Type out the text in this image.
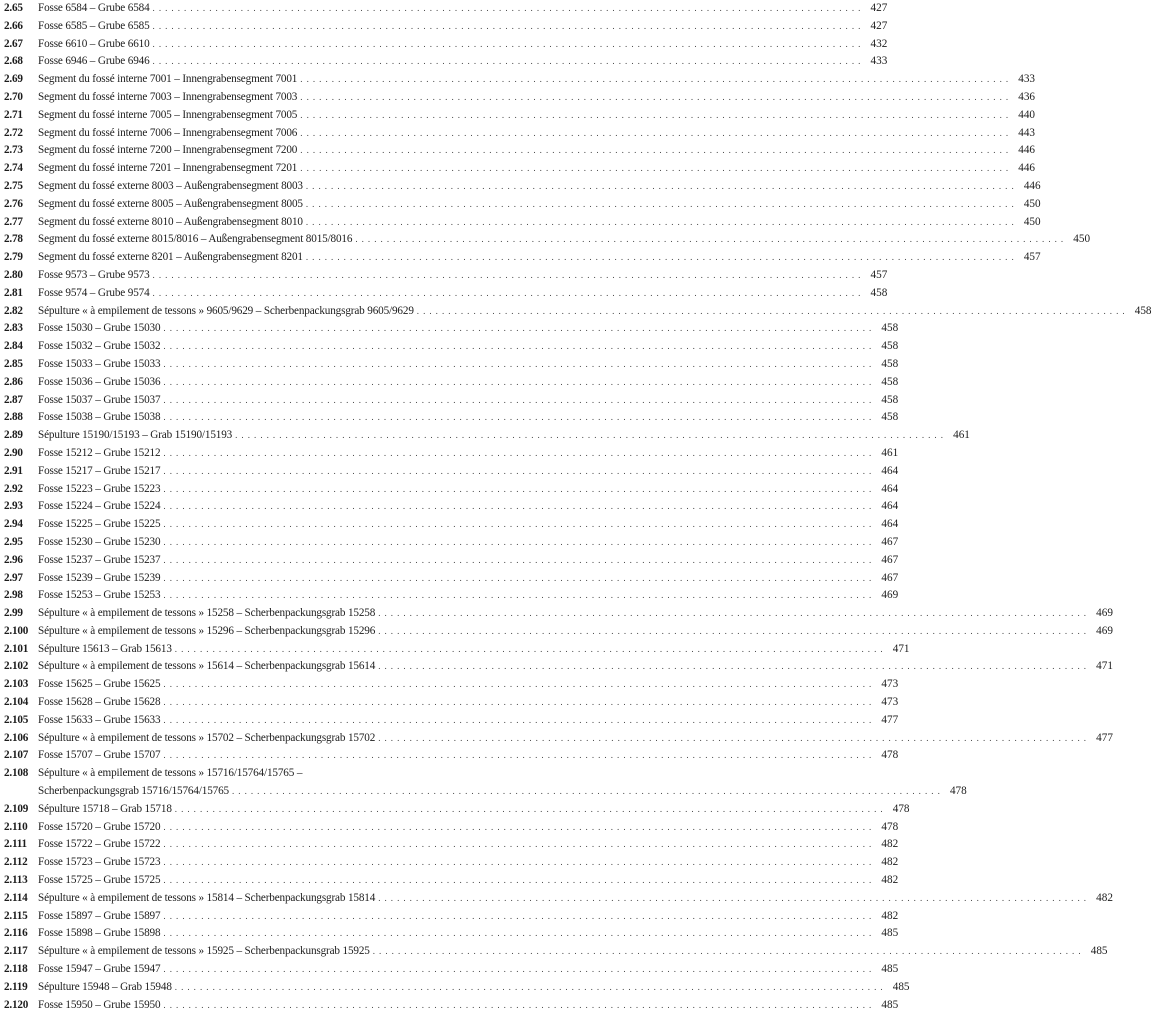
2.65	Fosse 6584 – Grube 6584 . . .	427
2.66	Fosse 6585 – Grube 6585 . . .	427
2.67	Fosse 6610 – Grube 6610 . . .	432
2.68	Fosse 6946 – Grube 6946 . . .	433
2.69	Segment du fossé interne 7001 – Innengrabensegment 7001 . . .	433
2.70	Segment du fossé interne 7003 – Innengrabensegment 7003 . . .	436
2.71	Segment du fossé interne 7005 – Innengrabensegment 7005 . . .	440
2.72	Segment du fossé interne 7006 – Innengrabensegment 7006 . . .	443
2.73	Segment du fossé interne 7200 – Innengrabensegment 7200 . . .	446
2.74	Segment du fossé interne 7201 – Innengrabensegment 7201 . . .	446
2.75	Segment du fossé externe 8003 – Außengrabensegment 8003 . . .	446
2.76	Segment du fossé externe 8005 – Außengrabensegment 8005 . . .	450
2.77	Segment du fossé externe 8010 – Außengrabensegment 8010 . . .	450
2.78	Segment du fossé externe 8015/8016 – Außengrabensegment 8015/8016 . . .	450
2.79	Segment du fossé externe 8201 – Außengrabensegment 8201 . . .	457
2.80	Fosse 9573 – Grube 9573 . . .	457
2.81	Fosse 9574 – Grube 9574 . . .	458
2.82	Sépulture « à empilement de tessons » 9605/9629 – Scherbenpackungsgrab 9605/9629 . . .	458
2.83	Fosse 15030 – Grube 15030 . . .	458
2.84	Fosse 15032 – Grube 15032 . . .	458
2.85	Fosse 15033 – Grube 15033 . . .	458
2.86	Fosse 15036 – Grube 15036 . . .	458
2.87	Fosse 15037 – Grube 15037 . . .	458
2.88	Fosse 15038 – Grube 15038 . . .	458
2.89	Sépulture 15190/15193 – Grab 15190/15193 . . .	461
2.90	Fosse 15212 – Grube 15212 . . .	461
2.91	Fosse 15217 – Grube 15217 . . .	464
2.92	Fosse 15223 – Grube 15223 . . .	464
2.93	Fosse 15224 – Grube 15224 . . .	464
2.94	Fosse 15225 – Grube 15225 . . .	464
2.95	Fosse 15230 – Grube 15230 . . .	467
2.96	Fosse 15237 – Grube 15237 . . .	467
2.97	Fosse 15239 – Grube 15239 . . .	467
2.98	Fosse 15253 – Grube 15253 . . .	469
2.99	Sépulture « à empilement de tessons » 15258 – Scherbenpackungsgrab 15258 . . .	469
2.100 Sépulture « à empilement de tessons » 15296 – Scherbenpackungsgrab 15296 . . .	469
2.101 Sépulture 15613 – Grab 15613 . . .	471
2.102 Sépulture « à empilement de tessons » 15614 – Scherbenpackungsgrab 15614 . . .	471
2.103 Fosse 15625 – Grube 15625 . . .	473
2.104 Fosse 15628 – Grube 15628 . . .	473
2.105 Fosse 15633 – Grube 15633 . . .	477
2.106 Sépulture « à empilement de tessons » 15702 – Scherbenpackungsgrab 15702 . . .	477
2.107 Fosse 15707 – Grube 15707 . . .	478
2.108 Sépulture « à empilement de tessons » 15716/15764/15765 –
Scherbenpackungsgrab 15716/15764/15765 . . .	478
2.109 Sépulture 15718 – Grab 15718 . . .	478
2.110 Fosse 15720 – Grube 15720 . . .	478
2.111 Fosse 15722 – Grube 15722 . . .	482
2.112 Fosse 15723 – Grube 15723 . . .	482
2.113 Fosse 15725 – Grube 15725 . . .	482
2.114 Sépulture « à empilement de tessons » 15814 – Scherbenpackungsgrab 15814 . . .	482
2.115 Fosse 15897 – Grube 15897 . . .	482
2.116 Fosse 15898 – Grube 15898 . . .	485
2.117 Sépulture « à empilement de tessons » 15925 – Scherbenpackunsgrab 15925 . . .	485
2.118 Fosse 15947 – Grube 15947 . . .	485
2.119 Sépulture 15948 – Grab 15948 . . .	485
2.120 Fosse 15950 – Grube 15950 . . .	485
